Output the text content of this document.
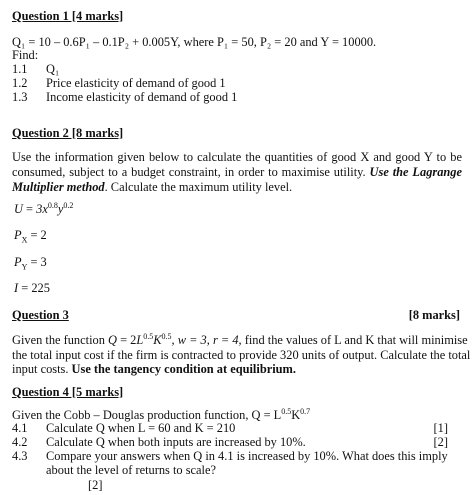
Question 1 [4 marks]
Q₁ = 10 – 0.6P₁ – 0.1P₂ + 0.005Y, where P₁ = 50, P₂ = 20 and Y = 10000.
Find:
1.1 Q₁
1.2 Price elasticity of demand of good 1
1.3 Income elasticity of demand of good 1
Question 2 [8 marks]
Use the information given below to calculate the quantities of good X and good Y to be consumed, subject to a budget constraint, in order to maximise utility. Use the Lagrange Multiplier method. Calculate the maximum utility level.
$U = 3x^{0.8}y^{0.2}$
$P_X = 2$
$P_Y = 3$
I = 225
Question 3	[8 marks]
Given the function $Q = 2L^{0.5}K^{0.5}$, w = 3, r = 4, find the values of L and K that will minimise
the total input cost if the firm is contracted to provide 320 units of output. Calculate the total
input costs. Use the tangency condition at equilibrium.
Question 4 [5 marks]
Given the Cobb – Douglas production function, $Q = L^{0.5}K^{0.7}$
4.1 Calculate Q when L = 60 and K = 210	[1]
4.2 Calculate Q when both inputs are increased by 10%.	[2]
4.3 Compare your answers when Q in 4.1 is increased by 10%. What does this imply
about the level of returns to scale?
[2]
